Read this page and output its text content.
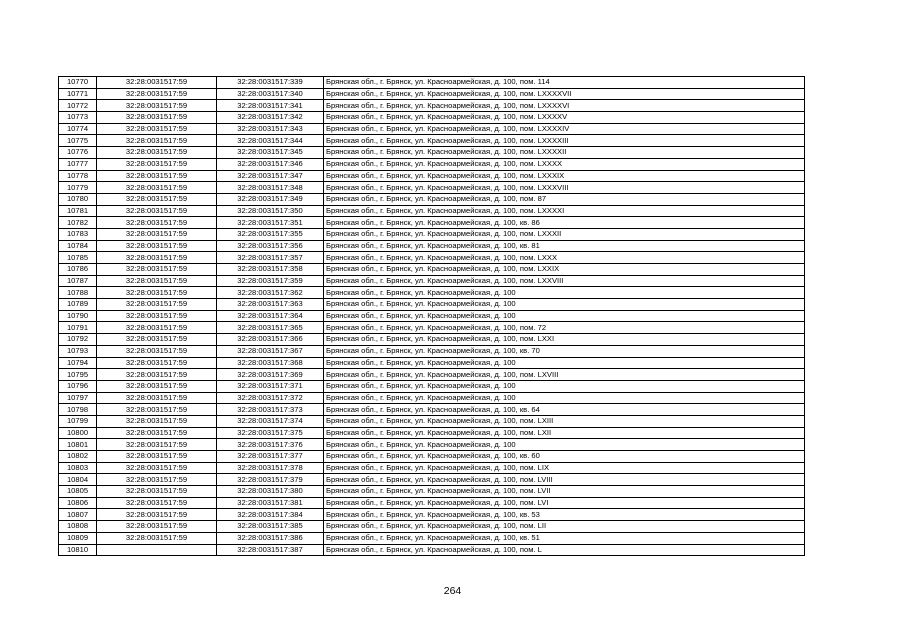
10770	32:28:0031517:59	32:28:0031517:339	Брянская обл., г. Брянск, ул. Красноармейская, д. 100, пом. 114
10771	32:28:0031517:59	32:28:0031517:340	Брянская обл., г. Брянск, ул. Красноармейская, д. 100, пом. LXXXXVII
10772	32:28:0031517:59	32:28:0031517:341	Брянская обл., г. Брянск, ул. Красноармейская, д. 100, пом. LXXXXVI
10773	32:28:0031517:59	32:28:0031517:342	Брянская обл., г. Брянск, ул. Красноармейская, д. 100, пом. LXXXXV
10774	32:28:0031517:59	32:28:0031517:343	Брянская обл., г. Брянск, ул. Красноармейская, д. 100, пом. LXXXXIV
10775	32:28:0031517:59	32:28:0031517:344	Брянская обл., г. Брянск, ул. Красноармейская, д. 100, пом. LXXXXIII
10776	32:28:0031517:59	32:28:0031517:345	Брянская обл., г. Брянск, ул. Красноармейская, д. 100, пом. LXXXXII
10777	32:28:0031517:59	32:28:0031517:346	Брянская обл., г. Брянск, ул. Красноармейская, д. 100, пом. LXXXX
10778	32:28:0031517:59	32:28:0031517:347	Брянская обл., г. Брянск, ул. Красноармейская, д. 100, пом. LXXXIX
10779	32:28:0031517:59	32:28:0031517:348	Брянская обл., г. Брянск, ул. Красноармейская, д. 100, пом. LXXXVIII
10780	32:28:0031517:59	32:28:0031517:349	Брянская обл., г. Брянск, ул. Красноармейская, д. 100, пом. 87
10781	32:28:0031517:59	32:28:0031517:350	Брянская обл., г. Брянск, ул. Красноармейская, д. 100, пом. LXXXXI
10782	32:28:0031517:59	32:28:0031517:351	Брянская обл., г. Брянск, ул. Красноармейская, д. 100, кв. 86
10783	32:28:0031517:59	32:28:0031517:355	Брянская обл., г. Брянск, ул. Красноармейская, д. 100, пом. LXXXII
10784	32:28:0031517:59	32:28:0031517:356	Брянская обл., г. Брянск, ул. Красноармейская, д. 100, кв. 81
10785	32:28:0031517:59	32:28:0031517:357	Брянская обл., г. Брянск, ул. Красноармейская, д. 100, пом. LXXX
10786	32:28:0031517:59	32:28:0031517:358	Брянская обл., г. Брянск, ул. Красноармейская, д. 100, пом. LXXIX
10787	32:28:0031517:59	32:28:0031517:359	Брянская обл., г. Брянск, ул. Красноармейская, д. 100, пом. LXXVIII
10788	32:28:0031517:59	32:28:0031517:362	Брянская обл., г. Брянск, ул. Красноармейская, д. 100
10789	32:28:0031517:59	32:28:0031517:363	Брянская обл., г. Брянск, ул. Красноармейская, д. 100
10790	32:28:0031517:59	32:28:0031517:364	Брянская обл., г. Брянск, ул. Красноармейская, д. 100
10791	32:28:0031517:59	32:28:0031517:365	Брянская обл., г. Брянск, ул. Красноармейская, д. 100, пом. 72
10792	32:28:0031517:59	32:28:0031517:366	Брянская обл., г. Брянск, ул. Красноармейская, д. 100, пом. LXXI
10793	32:28:0031517:59	32:28:0031517:367	Брянская обл., г. Брянск, ул. Красноармейская, д. 100, кв. 70
10794	32:28:0031517:59	32:28:0031517:368	Брянская обл., г. Брянск, ул. Красноармейская, д. 100
10795	32:28:0031517:59	32:28:0031517:369	Брянская обл., г. Брянск, ул. Красноармейская, д. 100, пом. LXVIII
10796	32:28:0031517:59	32:28:0031517:371	Брянская обл., г. Брянск, ул. Красноармейская, д. 100
10797	32:28:0031517:59	32:28:0031517:372	Брянская обл., г. Брянск, ул. Красноармейская, д. 100
10798	32:28:0031517:59	32:28:0031517:373	Брянская обл., г. Брянск, ул. Красноармейская, д. 100, кв. 64
10799	32:28:0031517:59	32:28:0031517:374	Брянская обл., г. Брянск, ул. Красноармейская, д. 100, пом. LXIII
10800	32:28:0031517:59	32:28:0031517:375	Брянская обл., г. Брянск, ул. Красноармейская, д. 100, пом. LXII
10801	32:28:0031517:59	32:28:0031517:376	Брянская обл., г. Брянск, ул. Красноармейская, д. 100
10802	32:28:0031517:59	32:28:0031517:377	Брянская обл., г. Брянск, ул. Красноармейская, д. 100, кв. 60
10803	32:28:0031517:59	32:28:0031517:378	Брянская обл., г. Брянск, ул. Красноармейская, д. 100, пом. LIX
10804	32:28:0031517:59	32:28:0031517:379	Брянская обл., г. Брянск, ул. Красноармейская, д. 100, пом. LVIII
10805	32:28:0031517:59	32:28:0031517:380	Брянская обл., г. Брянск, ул. Красноармейская, д. 100, пом. LVII
10806	32:28:0031517:59	32:28:0031517:381	Брянская обл., г. Брянск, ул. Красноармейская, д. 100, пом. LVI
10807	32:28:0031517:59	32:28:0031517:384	Брянская обл., г. Брянск, ул. Красноармейская, д. 100, кв. 53
10808	32:28:0031517:59	32:28:0031517:385	Брянская обл., г. Брянск, ул. Красноармейская, д. 100, пом. LII
10809	32:28:0031517:59	32:28:0031517:386	Брянская обл., г. Брянск, ул. Красноармейская, д. 100, кв. 51
10810		32:28:0031517:387	Брянская обл., г. Брянск, ул. Красноармейская, д. 100, пом. L
264
